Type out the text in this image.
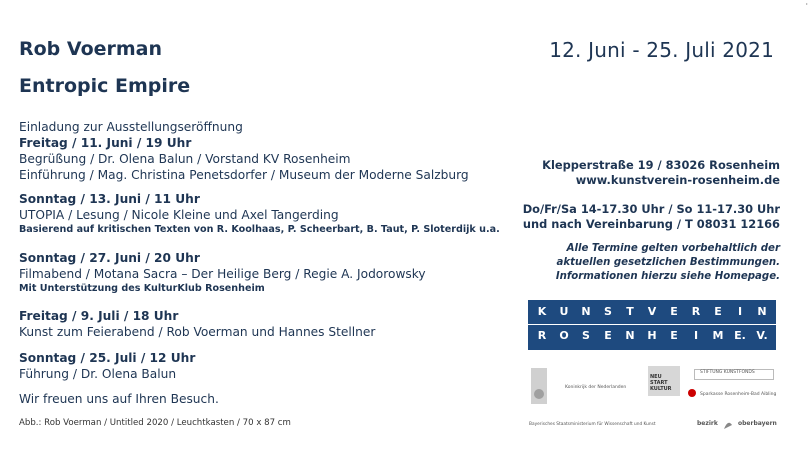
·
Rob Voerman	12. Juni - 25. Juli 2021
Entropic Empire
Einladung zur Ausstellungseröffnung
Freitag / 11. Juni / 19 Uhr
Begrüßung / Dr. Olena Balun / Vorstand KV Rosenheim
Einführung / Mag. Christina Penetsdorfer / Museum der Moderne Salzburg
Sonntag / 13. Juni / 11 Uhr
UTOPIA / Lesung / Nicole Kleine und Axel Tangerding
Basierend auf kritischen Texten von R. Koolhaas, P. Scheerbart, B. Taut, P. Sloterdijk u.a.
Sonntag / 27. Juni / 20 Uhr
Filmabend / Motana Sacra – Der Heilige Berg / Regie A. Jodorowsky
Mit Unterstützung des KulturKlub Rosenheim
Freitag / 9. Juli / 18 Uhr
Kunst zum Feierabend / Rob Voerman und Hannes Stellner
Sonntag / 25. Juli / 12 Uhr
Führung / Dr. Olena Balun
Wir freuen uns auf Ihren Besuch.
Abb.: Rob Voerman / Untitled 2020 / Leuchtkasten / 70 x 87 cm
Klepperstraße 19 / 83026 Rosenheim
www.kunstverein-rosenheim.de
Do/Fr/Sa 14-17.30 Uhr / So 11-17.30 Uhr
und nach Vereinbarung / T 08031 12166
Alle Termine gelten vorbehaltlich der
aktuellen gesetzlichen Bestimmungen.
Informationen hierzu siehe Homepage.
K	U	N	S	T	V	E	R	E	I	N
R	O	S	E	N	H	E	I	M E. V.
Koninkrijk der Nederlanden
NEU START KULTUR
STIFTUNG KUNSTFONDS
Sparkasse Rosenheim-Bad Aibling
Bayerisches Staatsministerium für Wissenschaft und Kunst	bezirk	oberbayern
